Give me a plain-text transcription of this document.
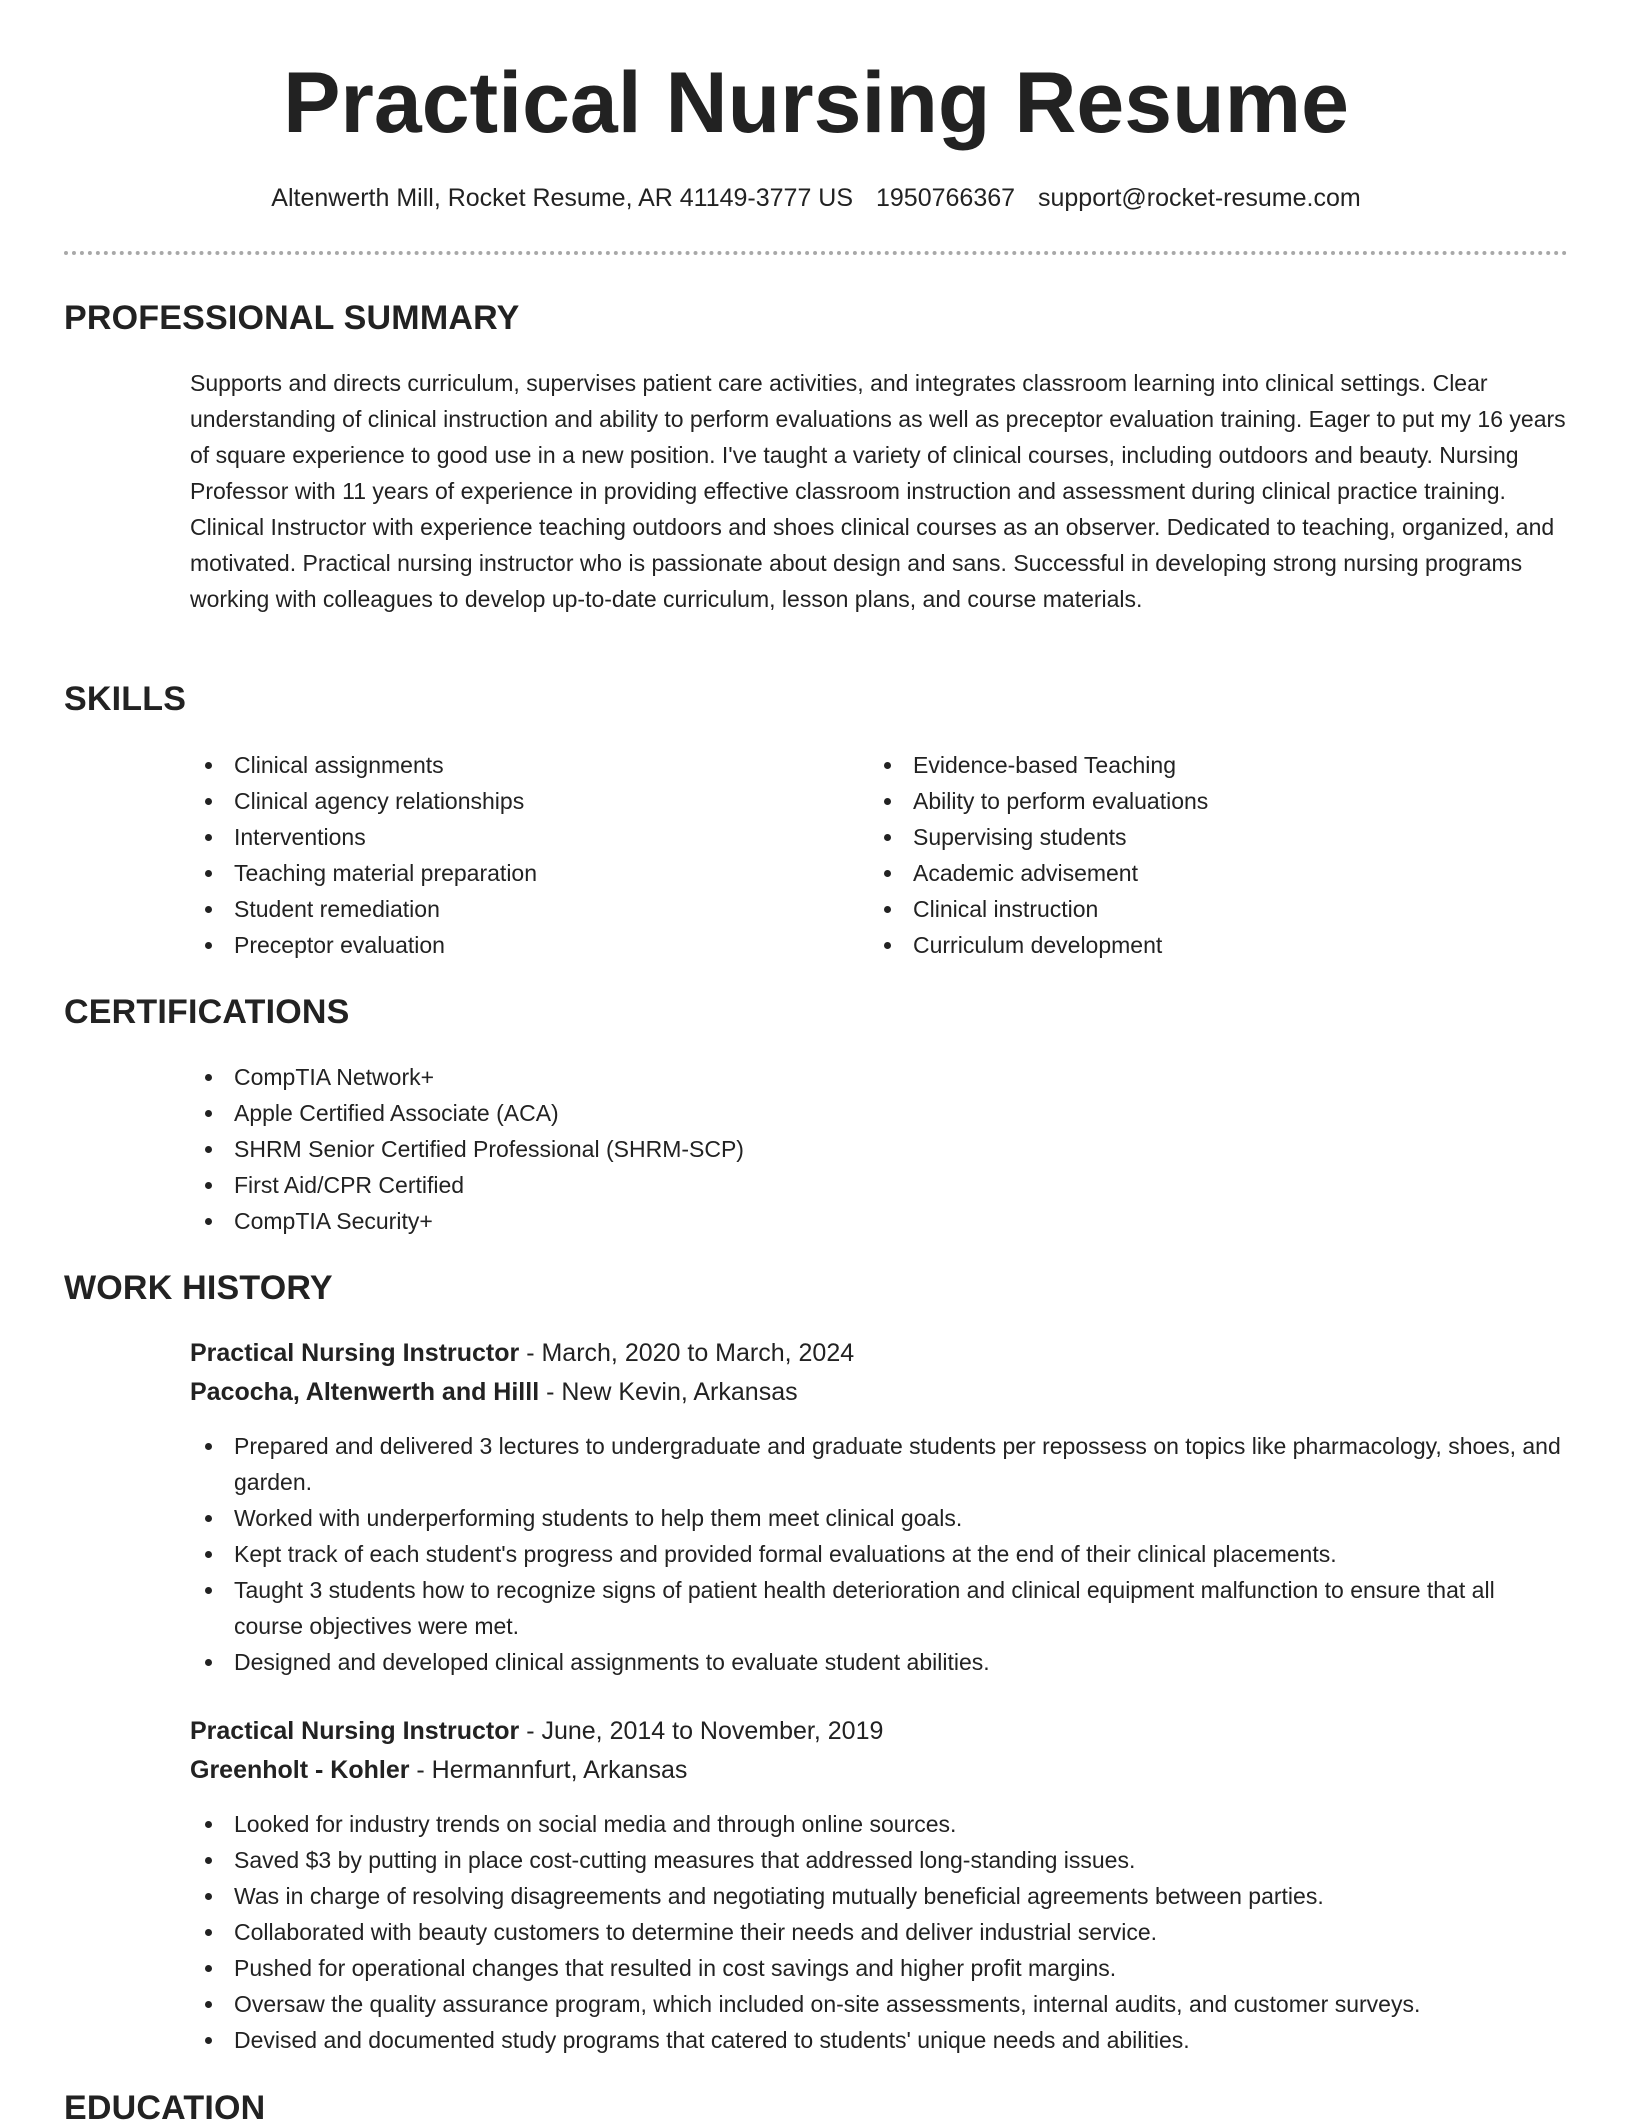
Practical Nursing Resume
Altenwerth Mill, Rocket Resume, AR 41149-3777 US 1950766367 support@rocket-resume.com
PROFESSIONAL SUMMARY

Supports and directs curriculum, supervises patient care activities, and integrates classroom learning into clinical settings. Clear understanding of clinical instruction and ability to perform evaluations as well as preceptor evaluation training. Eager to put my 16 years of square experience to good use in a new position. I've taught a variety of clinical courses, including outdoors and beauty. Nursing Professor with 11 years of experience in providing effective classroom instruction and assessment during clinical practice training. Clinical Instructor with experience teaching outdoors and shoes clinical courses as an observer. Dedicated to teaching, organized, and motivated. Practical nursing instructor who is passionate about design and sans. Successful in developing strong nursing programs working with colleagues to develop up-to-date curriculum, lesson plans, and course materials.

SKILLS
Clinical assignments
Clinical agency relationships
Interventions
Teaching material preparation
Student remediation
Preceptor evaluation
Evidence-based Teaching
Ability to perform evaluations
Supervising students
Academic advisement
Clinical instruction
Curriculum development
CERTIFICATIONS
CompTIA Network+
Apple Certified Associate (ACA)
SHRM Senior Certified Professional (SHRM-SCP)
First Aid/CPR Certified
CompTIA Security+
WORK HISTORY
Practical Nursing Instructor - March, 2020 to March, 2024
Pacocha, Altenwerth and Hilll - New Kevin, Arkansas
Prepared and delivered 3 lectures to undergraduate and graduate students per repossess on topics like pharmacology, shoes, and garden.
Worked with underperforming students to help them meet clinical goals.
Kept track of each student's progress and provided formal evaluations at the end of their clinical placements.
Taught 3 students how to recognize signs of patient health deterioration and clinical equipment malfunction to ensure that all course objectives were met.
Designed and developed clinical assignments to evaluate student abilities.
Practical Nursing Instructor - June, 2014 to November, 2019
Greenholt - Kohler - Hermannfurt, Arkansas
Looked for industry trends on social media and through online sources.
Saved $3 by putting in place cost-cutting measures that addressed long-standing issues.
Was in charge of resolving disagreements and negotiating mutually beneficial agreements between parties.
Collaborated with beauty customers to determine their needs and deliver industrial service.
Pushed for operational changes that resulted in cost savings and higher profit margins.
Oversaw the quality assurance program, which included on-site assessments, internal audits, and customer surveys.
Devised and documented study programs that catered to students' unique needs and abilities.
EDUCATION
